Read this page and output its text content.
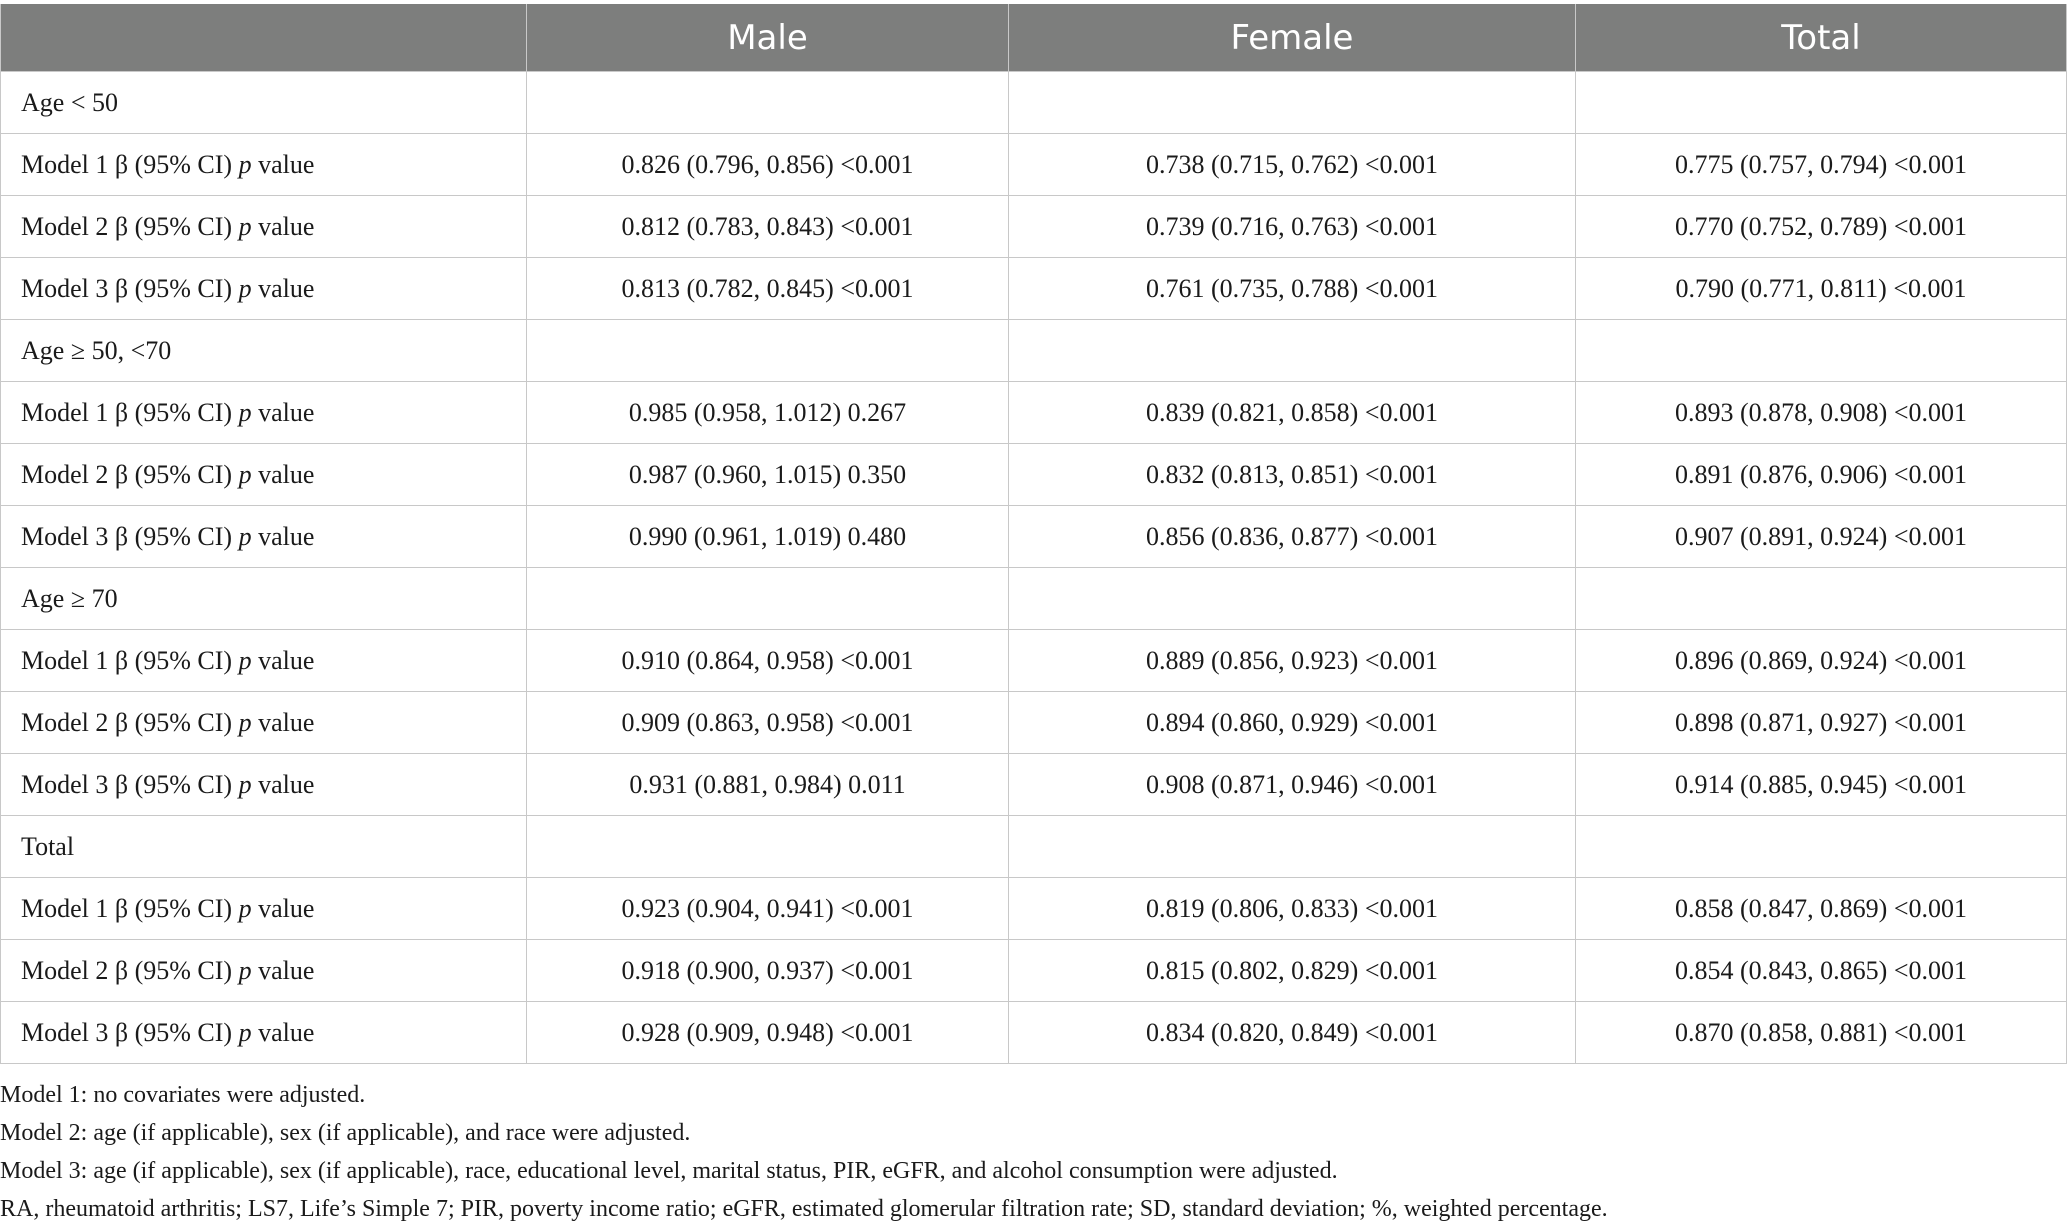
	Male	Female	Total
Age < 50			
Model 1 β (95% CI) p value	0.826 (0.796, 0.856) <0.001	0.738 (0.715, 0.762) <0.001	0.775 (0.757, 0.794) <0.001
Model 2 β (95% CI) p value	0.812 (0.783, 0.843) <0.001	0.739 (0.716, 0.763) <0.001	0.770 (0.752, 0.789) <0.001
Model 3 β (95% CI) p value	0.813 (0.782, 0.845) <0.001	0.761 (0.735, 0.788) <0.001	0.790 (0.771, 0.811) <0.001
Age ≥ 50, <70			
Model 1 β (95% CI) p value	0.985 (0.958, 1.012) 0.267	0.839 (0.821, 0.858) <0.001	0.893 (0.878, 0.908) <0.001
Model 2 β (95% CI) p value	0.987 (0.960, 1.015) 0.350	0.832 (0.813, 0.851) <0.001	0.891 (0.876, 0.906) <0.001
Model 3 β (95% CI) p value	0.990 (0.961, 1.019) 0.480	0.856 (0.836, 0.877) <0.001	0.907 (0.891, 0.924) <0.001
Age ≥ 70			
Model 1 β (95% CI) p value	0.910 (0.864, 0.958) <0.001	0.889 (0.856, 0.923) <0.001	0.896 (0.869, 0.924) <0.001
Model 2 β (95% CI) p value	0.909 (0.863, 0.958) <0.001	0.894 (0.860, 0.929) <0.001	0.898 (0.871, 0.927) <0.001
Model 3 β (95% CI) p value	0.931 (0.881, 0.984) 0.011	0.908 (0.871, 0.946) <0.001	0.914 (0.885, 0.945) <0.001
Total			
Model 1 β (95% CI) p value	0.923 (0.904, 0.941) <0.001	0.819 (0.806, 0.833) <0.001	0.858 (0.847, 0.869) <0.001
Model 2 β (95% CI) p value	0.918 (0.900, 0.937) <0.001	0.815 (0.802, 0.829) <0.001	0.854 (0.843, 0.865) <0.001
Model 3 β (95% CI) p value	0.928 (0.909, 0.948) <0.001	0.834 (0.820, 0.849) <0.001	0.870 (0.858, 0.881) <0.001
Model 1: no covariates were adjusted.
Model 2: age (if applicable), sex (if applicable), and race were adjusted.
Model 3: age (if applicable), sex (if applicable), race, educational level, marital status, PIR, eGFR, and alcohol consumption were adjusted.
RA, rheumatoid arthritis; LS7, Life’s Simple 7; PIR, poverty income ratio; eGFR, estimated glomerular filtration rate; SD, standard deviation; %, weighted percentage.
